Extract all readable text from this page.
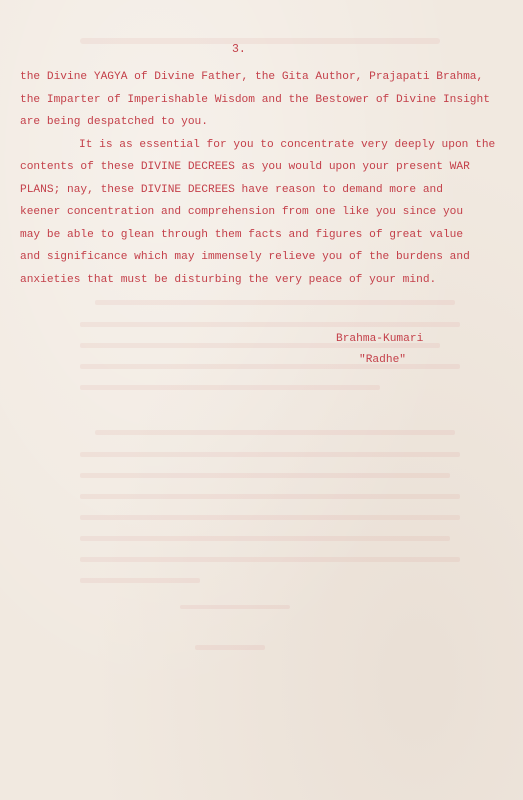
3.
the Divine YAGYA of Divine Father, the Gita Author, Prajapati Brahma,
the Imparter of Imperishable Wisdom and the Bestower of Divine Insight
are being despatched to you.
It is as essential for you to concentrate very deeply upon the
contents of these DIVINE DECREES as you would upon your present WAR
PLANS; nay, these DIVINE DECREES have reason to demand more and
keener concentration and comprehension from one like you since you
may be able to glean through them facts and figures of great value
and significance which may immensely relieve you of the burdens and
anxieties that must be disturbing the very peace of your mind.
Brahma-Kumari
"Radhe"
